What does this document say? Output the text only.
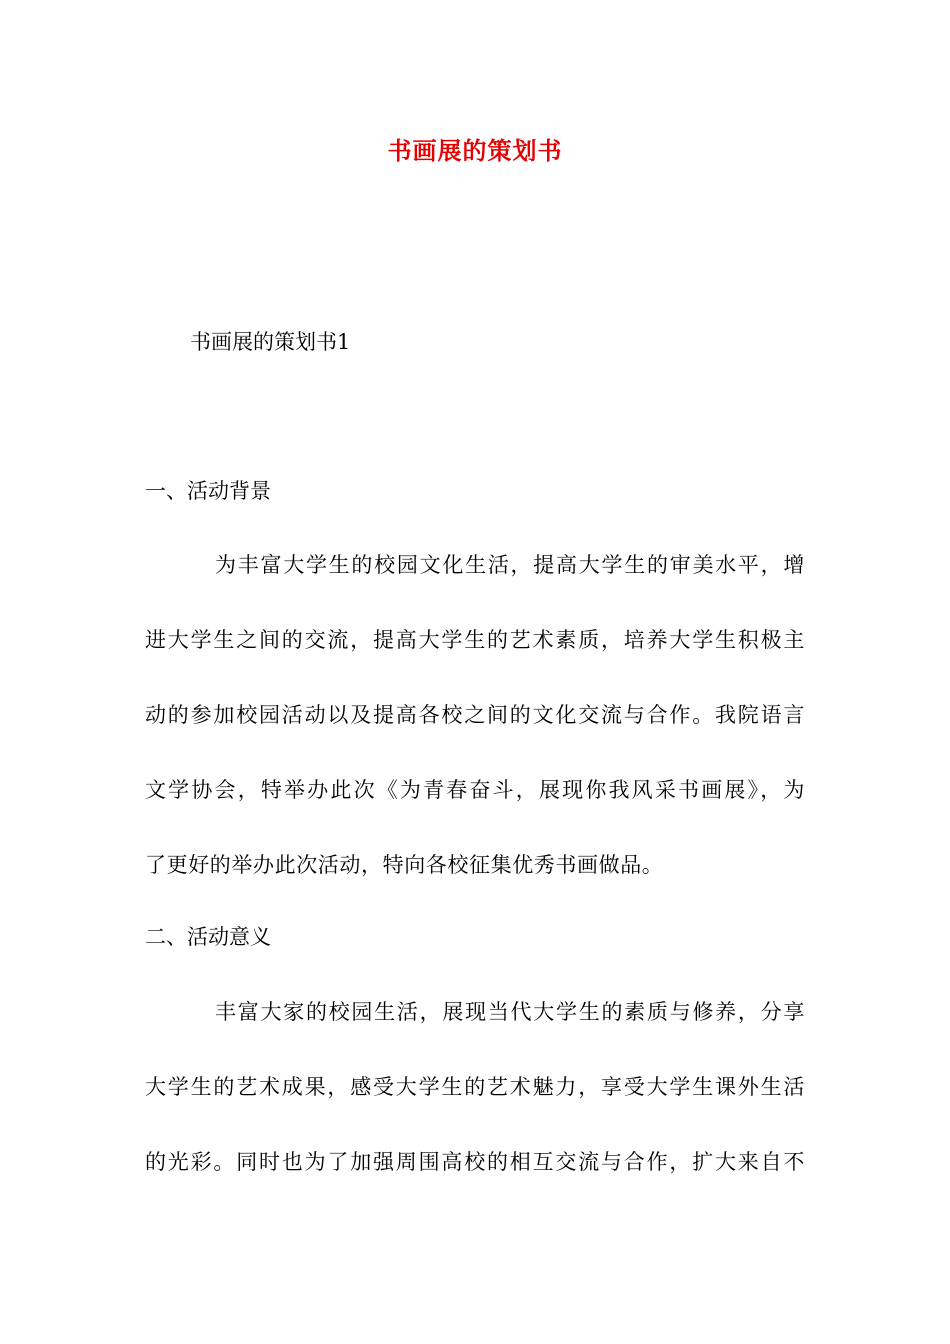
书画展的策划书
书画展的策划书1
一、活动背景
为丰富大学生的校园文化生活，提高大学生的审美水平，增
进大学生之间的交流，提高大学生的艺术素质，培养大学生积极主
动的参加校园活动以及提高各校之间的文化交流与合作。我院语言
文学协会，特举办此次《为青春奋斗，展现你我风采书画展》，为
了更好的举办此次活动，特向各校征集优秀书画做品。
二、活动意义
丰富大家的校园生活，展现当代大学生的素质与修养，分享
大学生的艺术成果，感受大学生的艺术魅力，享受大学生课外生活
的光彩。同时也为了加强周围高校的相互交流与合作，扩大来自不
